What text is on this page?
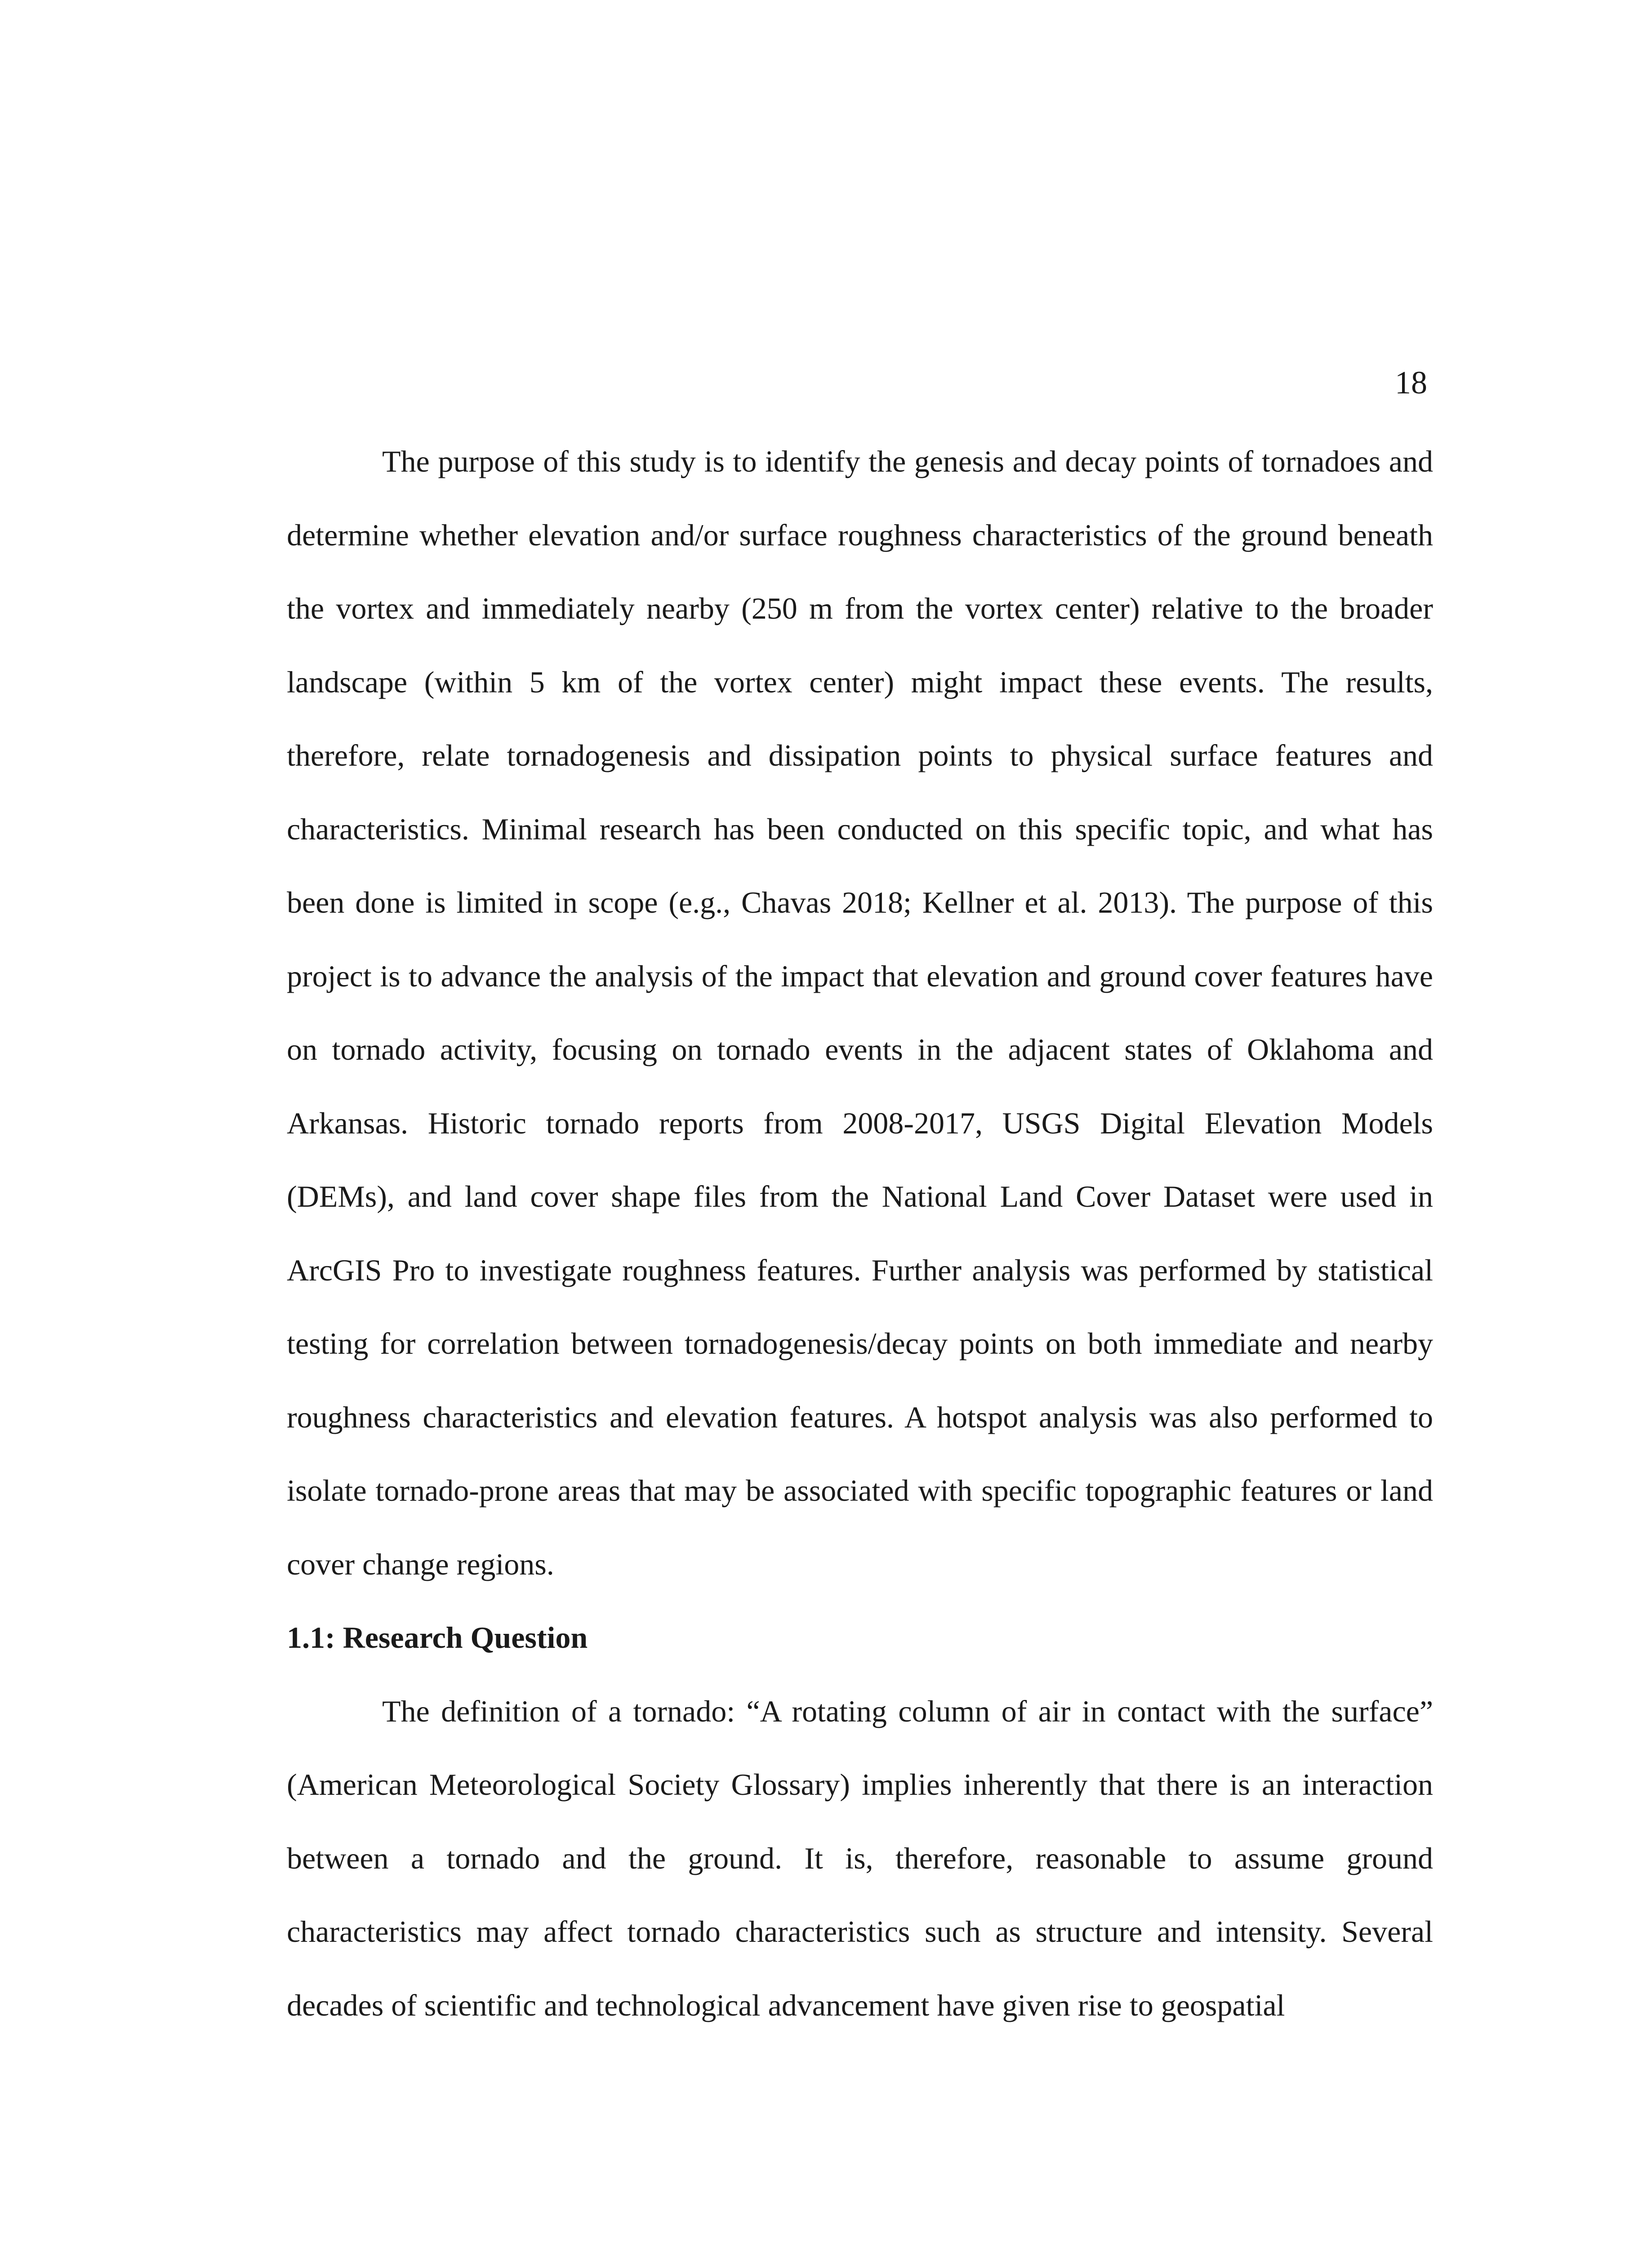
18

The purpose of this study is to identify the genesis and decay points of tornadoes and determine whether elevation and/or surface roughness characteristics of the ground beneath the vortex and immediately nearby (250 m from the vortex center) relative to the broader landscape (within 5 km of the vortex center) might impact these events. The results, therefore, relate tornadogenesis and dissipation points to physical surface features and characteristics. Minimal research has been conducted on this specific topic, and what has been done is limited in scope (e.g., Chavas 2018; Kellner et al. 2013). The purpose of this project is to advance the analysis of the impact that elevation and ground cover features have on tornado activity, focusing on tornado events in the adjacent states of Oklahoma and Arkansas. Historic tornado reports from 2008-2017, USGS Digital Elevation Models (DEMs), and land cover shape files from the National Land Cover Dataset were used in ArcGIS Pro to investigate roughness features. Further analysis was performed by statistical testing for correlation between tornadogenesis/decay points on both immediate and nearby roughness characteristics and elevation features. A hotspot analysis was also performed to isolate tornado-prone areas that may be associated with specific topographic features or land cover change regions.

1.1: Research Question

The definition of a tornado: “A rotating column of air in contact with the surface” (American Meteorological Society Glossary) implies inherently that there is an interaction between a tornado and the ground. It is, therefore, reasonable to assume ground characteristics may affect tornado characteristics such as structure and intensity. Several decades of scientific and technological advancement have given rise to geospatial
